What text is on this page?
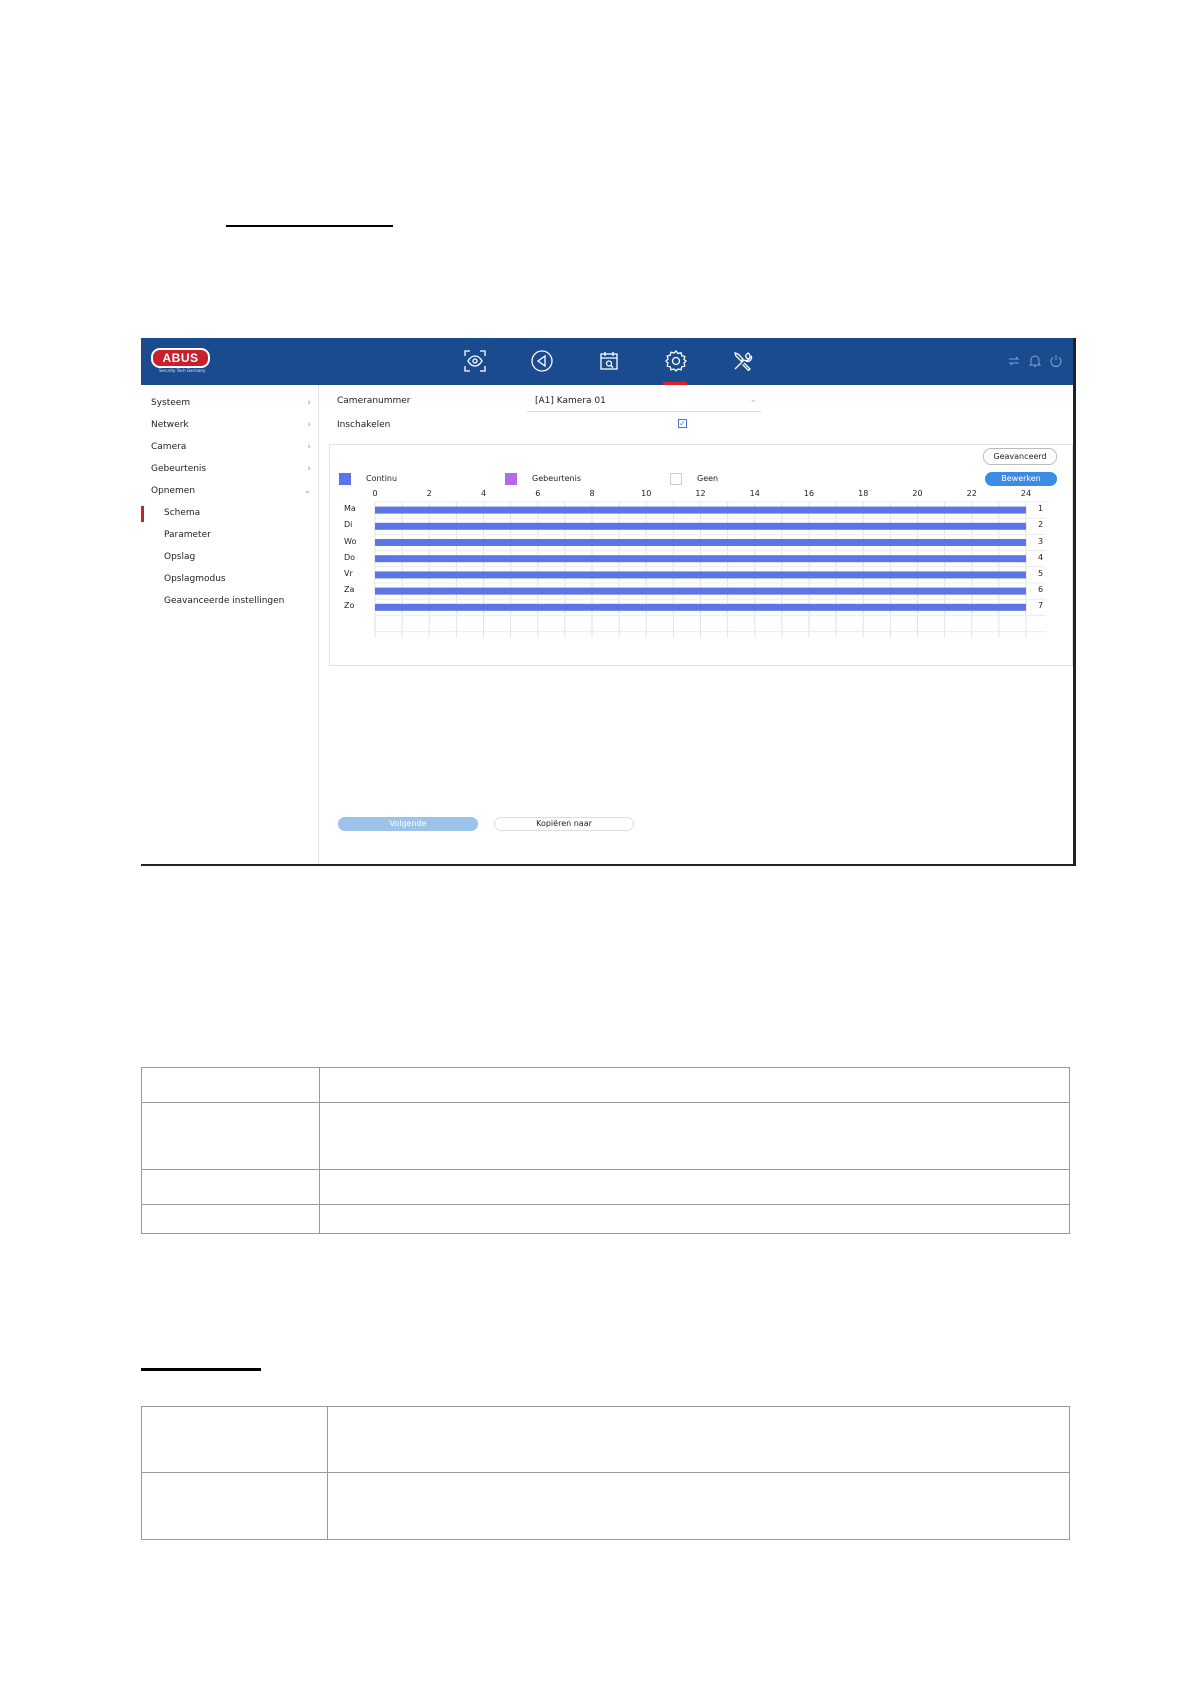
ABUS
Security Tech Germany
Systeem	›
Netwerk	›
Camera	›
Gebeurtenis	›
Opnemen	⌄
Schema
Parameter
Opslag
Opslagmodus
Geavanceerde instellingen
Cameranummer	[A1] Kamera 01	⌄
Inschakelen	✓
Geavanceerd
Bewerken
Continu	Gebeurtenis	Geen
0	2	4	6	8	10	12	14	16	18	20	22	24
Ma	1
Di	2
Wo	3
Do	4
Vr	5
Za	6
Zo	7
Volgende	Kopiëren naar
